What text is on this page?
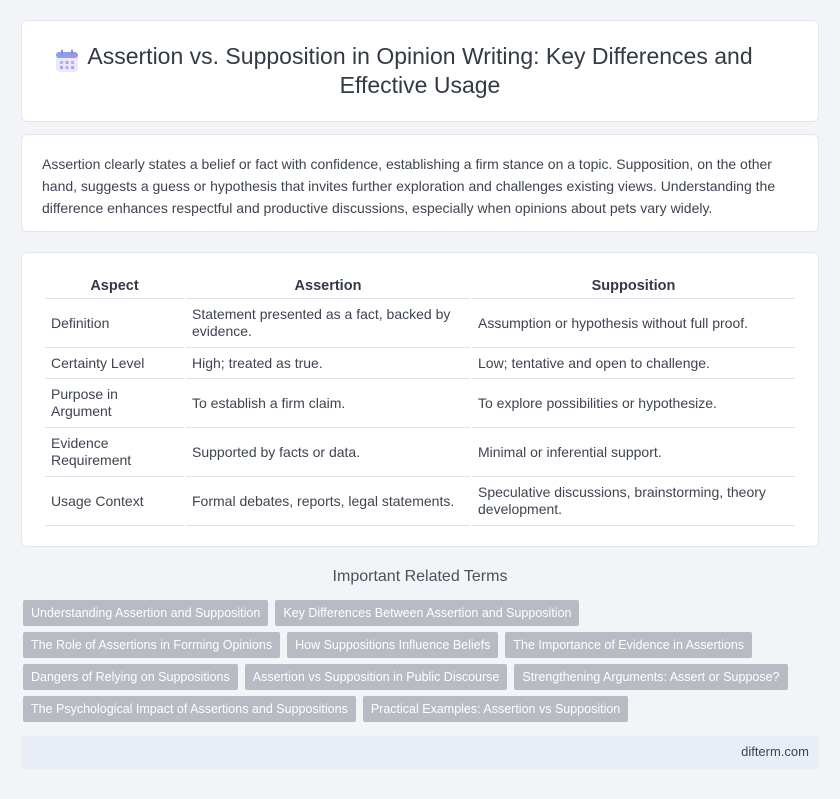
Assertion vs. Supposition in Opinion Writing: Key Differences and Effective Usage

Assertion clearly states a belief or fact with confidence, establishing a firm stance on a topic. Supposition, on the other hand, suggests a guess or hypothesis that invites further exploration and challenges existing views. Understanding the difference enhances respectful and productive discussions, especially when opinions about pets vary widely.

Aspect	Assertion	Supposition
Definition	Statement presented as a fact, backed by evidence.	Assumption or hypothesis without full proof.
Certainty Level	High; treated as true.	Low; tentative and open to challenge.
Purpose in Argument	To establish a firm claim.	To explore possibilities or hypothesize.
Evidence Requirement	Supported by facts or data.	Minimal or inferential support.
Usage Context	Formal debates, reports, legal statements.	Speculative discussions, brainstorming, theory development.
Important Related Terms
Understanding Assertion and Supposition	Key Differences Between Assertion and Supposition
The Role of Assertions in Forming Opinions	How Suppositions Influence Beliefs	The Importance of Evidence in Assertions
Dangers of Relying on Suppositions	Assertion vs Supposition in Public Discourse	Strengthening Arguments: Assert or Suppose?
The Psychological Impact of Assertions and Suppositions	Practical Examples: Assertion vs Supposition
difterm.com
